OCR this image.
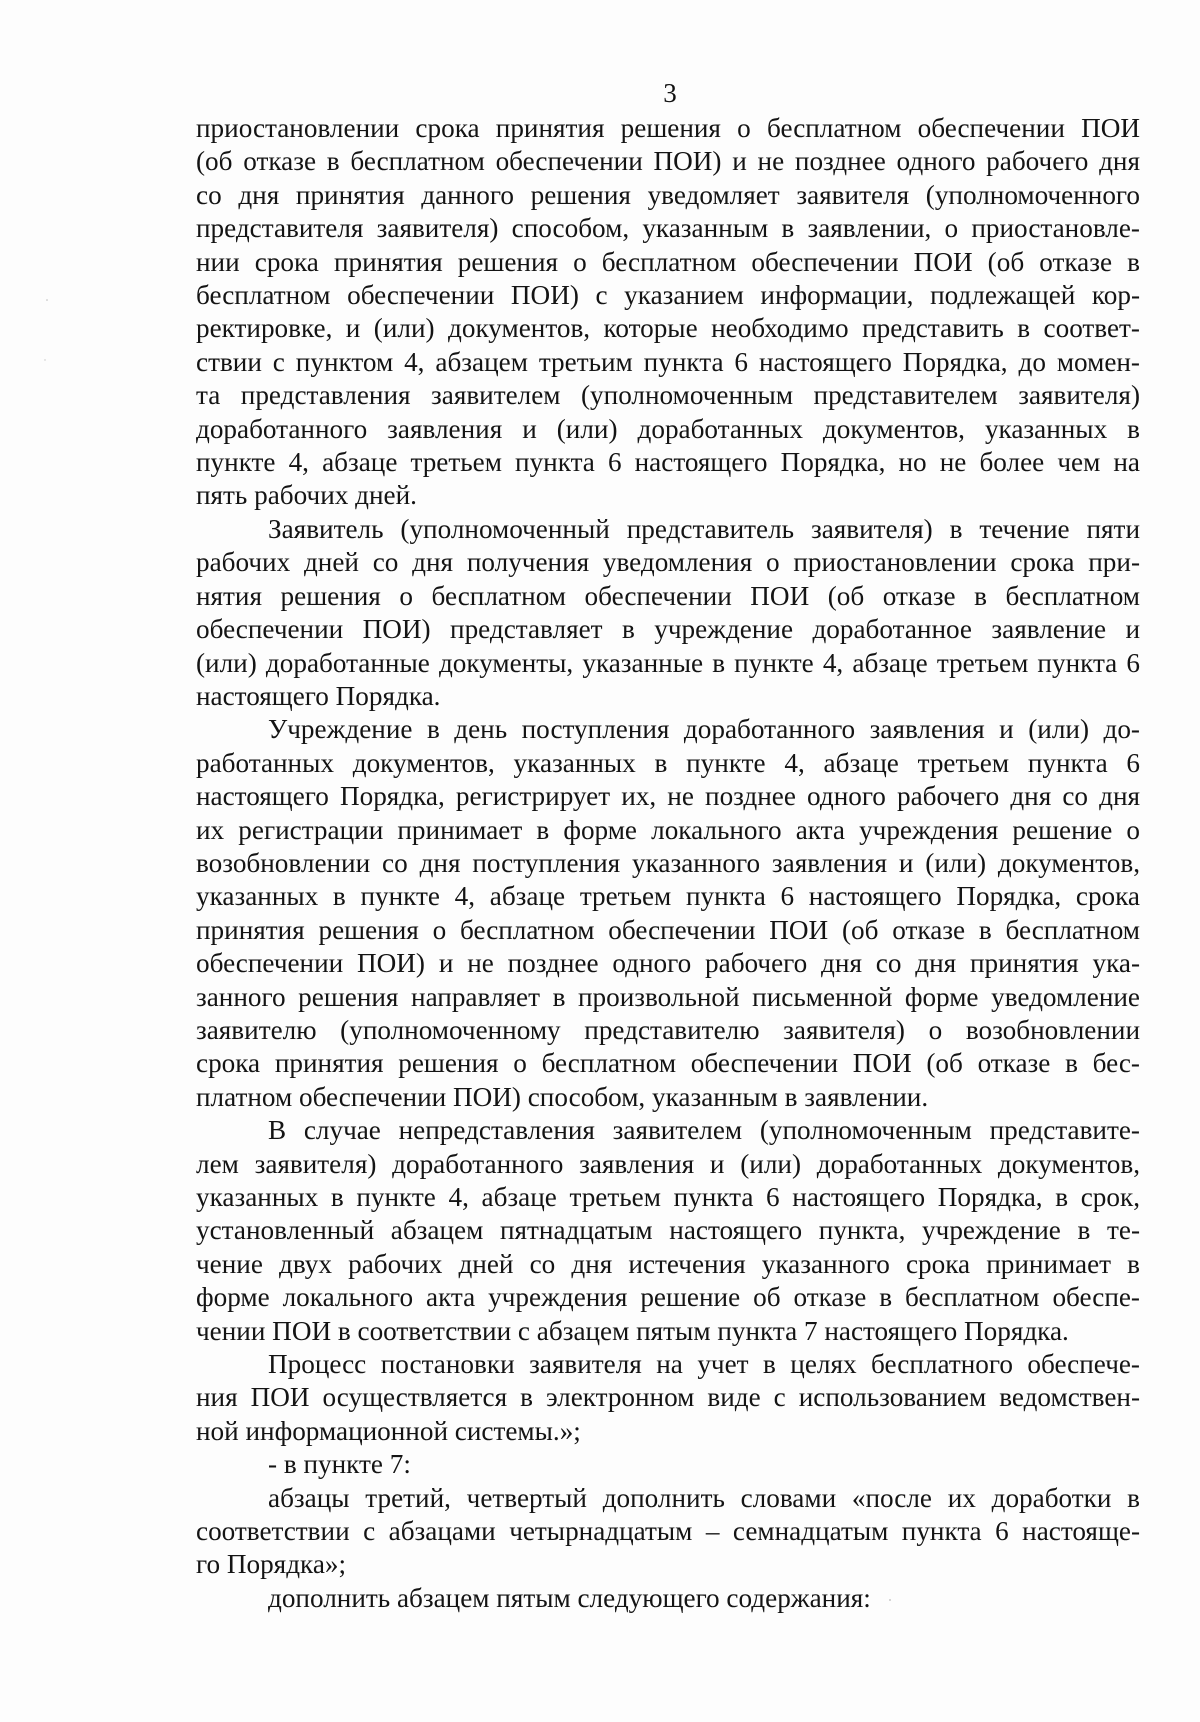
3

приостановлении срока принятия решения о бесплатном обеспечении ПОИ
(об отказе в бесплатном обеспечении ПОИ) и не позднее одного рабочего дня
со дня принятия данного решения уведомляет заявителя (уполномоченного
представителя заявителя) способом, указанным в заявлении, о приостановле-
нии срока принятия решения о бесплатном обеспечении ПОИ (об отказе в
бесплатном обеспечении ПОИ) с указанием информации, подлежащей кор-
ректировке, и (или) документов, которые необходимо представить в соответ-
ствии с пунктом 4, абзацем третьим пункта 6 настоящего Порядка, до момен-
та представления заявителем (уполномоченным представителем заявителя)
доработанного заявления и (или) доработанных документов, указанных в
пункте 4, абзаце третьем пункта 6 настоящего Порядка, но не более чем на
пять рабочих дней.

Заявитель (уполномоченный представитель заявителя) в течение пяти
рабочих дней со дня получения уведомления о приостановлении срока при-
нятия решения о бесплатном обеспечении ПОИ (об отказе в бесплатном
обеспечении ПОИ) представляет в учреждение доработанное заявление и
(или) доработанные документы, указанные в пункте 4, абзаце третьем пункта 6
настоящего Порядка.

Учреждение в день поступления доработанного заявления и (или) до-
работанных документов, указанных в пункте 4, абзаце третьем пункта 6
настоящего Порядка, регистрирует их, не позднее одного рабочего дня со дня
их регистрации принимает в форме локального акта учреждения решение о
возобновлении со дня поступления указанного заявления и (или) документов,
указанных в пункте 4, абзаце третьем пункта 6 настоящего Порядка, срока
принятия решения о бесплатном обеспечении ПОИ (об отказе в бесплатном
обеспечении ПОИ) и не позднее одного рабочего дня со дня принятия ука-
занного решения направляет в произвольной письменной форме уведомление
заявителю (уполномоченному представителю заявителя) о возобновлении
срока принятия решения о бесплатном обеспечении ПОИ (об отказе в бес-
платном обеспечении ПОИ) способом, указанным в заявлении.

В случае непредставления заявителем (уполномоченным представите-
лем заявителя) доработанного заявления и (или) доработанных документов,
указанных в пункте 4, абзаце третьем пункта 6 настоящего Порядка, в срок,
установленный абзацем пятнадцатым настоящего пункта, учреждение в те-
чение двух рабочих дней со дня истечения указанного срока принимает в
форме локального акта учреждения решение об отказе в бесплатном обеспе-
чении ПОИ в соответствии с абзацем пятым пункта 7 настоящего Порядка.

Процесс постановки заявителя на учет в целях бесплатного обеспече-
ния ПОИ осуществляется в электронном виде с использованием ведомствен-
ной информационной системы.»;

- в пункте 7:

абзацы третий, четвертый дополнить словами «после их доработки в
соответствии с абзацами четырнадцатым – семнадцатым пункта 6 настояще-
го Порядка»;

дополнить абзацем пятым следующего содержания:
